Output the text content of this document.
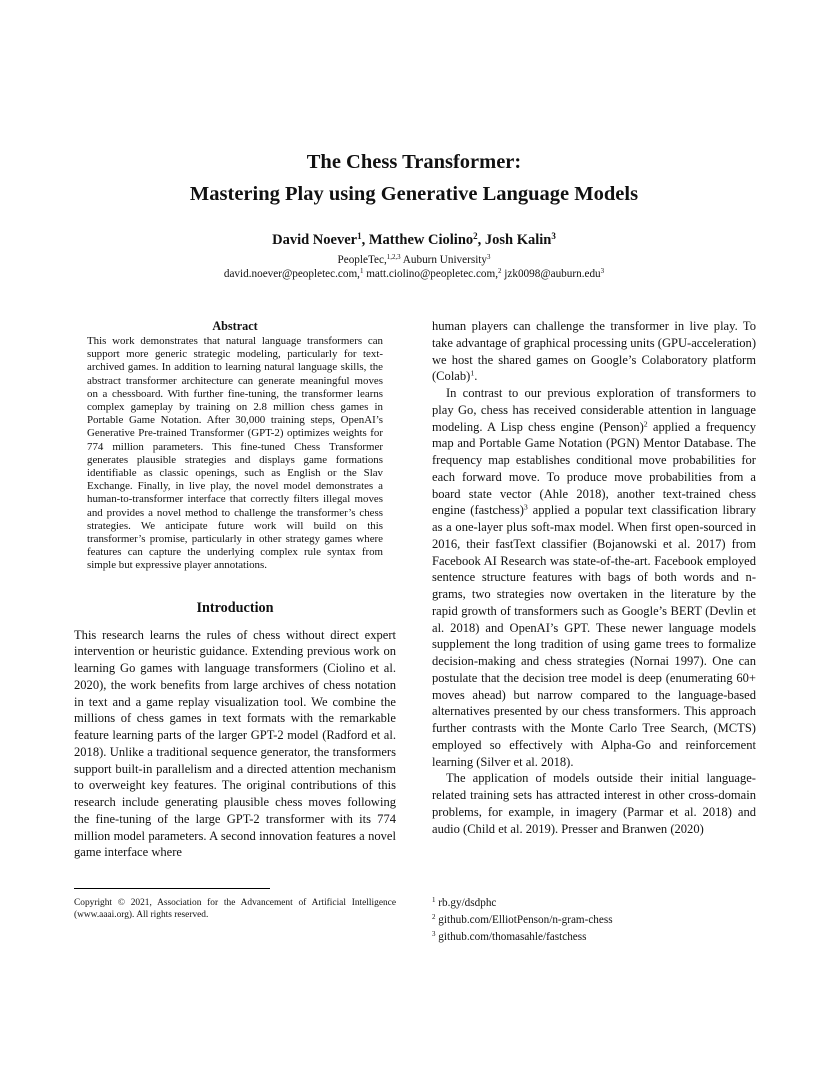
The Chess Transformer:
Mastering Play using Generative Language Models
David Noever$^1$, Matthew Ciolino$^2$, Josh Kalin$^3$
PeopleTec,$^{1,2,3}$ Auburn University$^3$
david.noever@peopletec.com,$^1$ matt.ciolino@peopletec.com,$^2$ jzk0098@auburn.edu$^3$
Abstract

This work demonstrates that natural language transformers can support more generic strategic modeling, particularly for text-archived games. In addition to learning natural language skills, the abstract transformer architecture can generate meaningful moves on a chessboard. With further fine-tuning, the transformer learns complex gameplay by training on 2.8 million chess games in Portable Game Notation. After 30,000 training steps, OpenAI’s Generative Pre-trained Transformer (GPT-2) optimizes weights for 774 million parameters. This fine-tuned Chess Transformer generates plausible strategies and displays game formations identifiable as classic openings, such as English or the Slav Exchange. Finally, in live play, the novel model demonstrates a human-to-transformer interface that correctly filters illegal moves and provides a novel method to challenge the transformer’s chess strategies. We anticipate future work will build on this transformer’s promise, particularly in other strategy games where features can capture the underlying complex rule syntax from simple but expressive player annotations.

Introduction

This research learns the rules of chess without direct expert intervention or heuristic guidance. Extending previous work on learning Go games with language transformers (Ciolino et al. 2020), the work benefits from large archives of chess notation in text and a game replay visualization tool. We combine the millions of chess games in text formats with the remarkable feature learning parts of the larger GPT-2 model (Radford et al. 2018). Unlike a traditional sequence generator, the transformers support built-in parallelism and a directed attention mechanism to overweight key features. The original contributions of this research include generating plausible chess moves following the fine-tuning of the large GPT-2 transformer with its 774 million model parameters. A second innovation features a novel game interface where

human players can challenge the transformer in live play. To take advantage of graphical processing units (GPU-acceleration) we host the shared games on Google’s Colaboratory platform (Colab)$^1$.

In contrast to our previous exploration of transformers to play Go, chess has received considerable attention in language modeling. A Lisp chess engine (Penson)$^2$ applied a frequency map and Portable Game Notation (PGN) Mentor Database. The frequency map establishes conditional move probabilities for each forward move. To produce move probabilities from a board state vector (Ahle 2018), another text-trained chess engine (fastchess)$^3$ applied a popular text classification library as a one-layer plus soft-max model. When first open-sourced in 2016, their fastText classifier (Bojanowski et al. 2017) from Facebook AI Research was state-of-the-art. Facebook employed sentence structure features with bags of both words and n-grams, two strategies now overtaken in the literature by the rapid growth of transformers such as Google’s BERT (Devlin et al. 2018) and OpenAI’s GPT. These newer language models supplement the long tradition of using game trees to formalize decision-making and chess strategies (Nornai 1997). One can postulate that the decision tree model is deep (enumerating 60+ moves ahead) but narrow compared to the language-based alternatives presented by our chess transformers. This approach further contrasts with the Monte Carlo Tree Search, (MCTS) employed so effectively with Alpha-Go and reinforcement learning (Silver et al. 2018).

The application of models outside their initial language-related training sets has attracted interest in other cross-domain problems, for example, in imagery (Parmar et al. 2018) and audio (Child et al. 2019). Presser and Branwen (2020)

Copyright © 2021, Association for the Advancement of Artificial Intelligence (www.aaai.org). All rights reserved.

$^1$ rb.gy/dsdphc

$^2$ github.com/ElliotPenson/n-gram-chess

$^3$ github.com/thomasahle/fastchess
